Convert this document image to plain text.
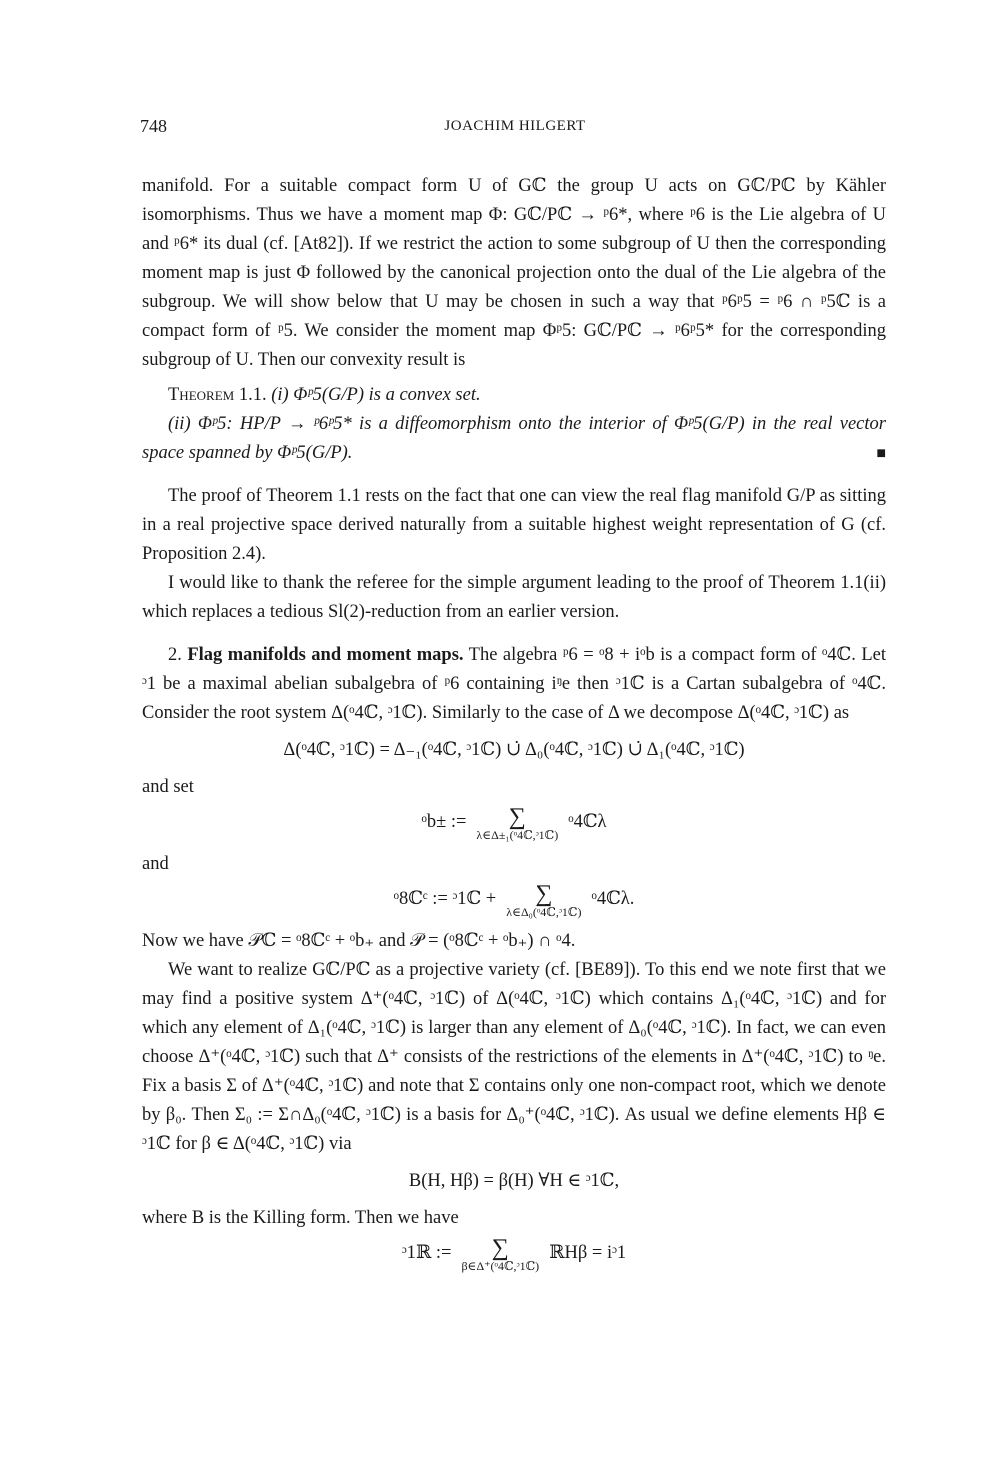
748	JOACHIM HILGERT

manifold. For a suitable compact form U of Gℂ the group U acts on Gℂ/Pℂ by Kähler isomorphisms. Thus we have a moment map Φ: Gℂ/Pℂ → ᵖ6*, where ᵖ6 is the Lie algebra of U and ᵖ6* its dual (cf. [At82]). If we restrict the action to some subgroup of U then the corresponding moment map is just Φ followed by the canonical projection onto the dual of the Lie algebra of the subgroup. We will show below that U may be chosen in such a way that ᵖ6ᵖ5 = ᵖ6 ∩ ᵖ5ℂ is a compact form of ᵖ5. We consider the moment map Φᵖ5: Gℂ/Pℂ → ᵖ6ᵖ5* for the corresponding subgroup of U. Then our convexity result is

Theorem 1.1. (i) Φᵖ5(G/P) is a convex set.

(ii) Φᵖ5: HP/P → ᵖ6ᵖ5* is a diffeomorphism onto the interior of Φᵖ5(G/P) in the real vector space spanned by Φᵖ5(G/P).	■

The proof of Theorem 1.1 rests on the fact that one can view the real flag manifold G/P as sitting in a real projective space derived naturally from a suitable highest weight representation of G (cf. Proposition 2.4).

I would like to thank the referee for the simple argument leading to the proof of Theorem 1.1(ii) which replaces a tedious Sl(2)-reduction from an earlier version.

2. Flag manifolds and moment maps. The algebra ᵖ6 = ᵒ8 + iᵒb is a compact form of ᵒ4ℂ. Let ᵓ1 be a maximal abelian subalgebra of ᵖ6 containing iᵑe then ᵓ1ℂ is a Cartan subalgebra of ᵒ4ℂ. Consider the root system Δ(ᵒ4ℂ, ᵓ1ℂ). Similarly to the case of Δ we decompose Δ(ᵒ4ℂ, ᵓ1ℂ) as

Δ(ᵒ4ℂ, ᵓ1ℂ) = Δ₋₁(ᵒ4ℂ, ᵓ1ℂ) ∪̇ Δ₀(ᵒ4ℂ, ᵓ1ℂ) ∪̇ Δ₁(ᵒ4ℂ, ᵓ1ℂ)

and set

ᵒb± := ∑
λ∈Δ±₁(ᵒ4ℂ,ᵓ1ℂ)
ᵒ4ℂλ

and

ᵒ8ℂᶜ := ᵓ1ℂ + ∑
λ∈Δ₀(ᵒ4ℂ,ᵓ1ℂ)
ᵒ4ℂλ.

Now we have 𝒫ℂ = ᵒ8ℂᶜ + ᵒb₊ and 𝒫 = (ᵒ8ℂᶜ + ᵒb₊) ∩ ᵒ4.

We want to realize Gℂ/Pℂ as a projective variety (cf. [BE89]). To this end we note first that we may find a positive system Δ⁺(ᵒ4ℂ, ᵓ1ℂ) of Δ(ᵒ4ℂ, ᵓ1ℂ) which contains Δ₁(ᵒ4ℂ, ᵓ1ℂ) and for which any element of Δ₁(ᵒ4ℂ, ᵓ1ℂ) is larger than any element of Δ₀(ᵒ4ℂ, ᵓ1ℂ). In fact, we can even choose Δ⁺(ᵒ4ℂ, ᵓ1ℂ) such that Δ⁺ consists of the restrictions of the elements in Δ⁺(ᵒ4ℂ, ᵓ1ℂ) to ᵑe. Fix a basis Σ of Δ⁺(ᵒ4ℂ, ᵓ1ℂ) and note that Σ contains only one non-compact root, which we denote by β₀. Then Σ₀ := Σ∩Δ₀(ᵒ4ℂ, ᵓ1ℂ) is a basis for Δ₀⁺(ᵒ4ℂ, ᵓ1ℂ). As usual we define elements Hβ ∈ ᵓ1ℂ for β ∈ Δ(ᵒ4ℂ, ᵓ1ℂ) via

B(H, Hβ) = β(H) ∀H ∈ ᵓ1ℂ,

where B is the Killing form. Then we have

ᵓ1ℝ := ∑
β∈Δ⁺(ᵒ4ℂ,ᵓ1ℂ)
ℝHβ = iᵓ1
